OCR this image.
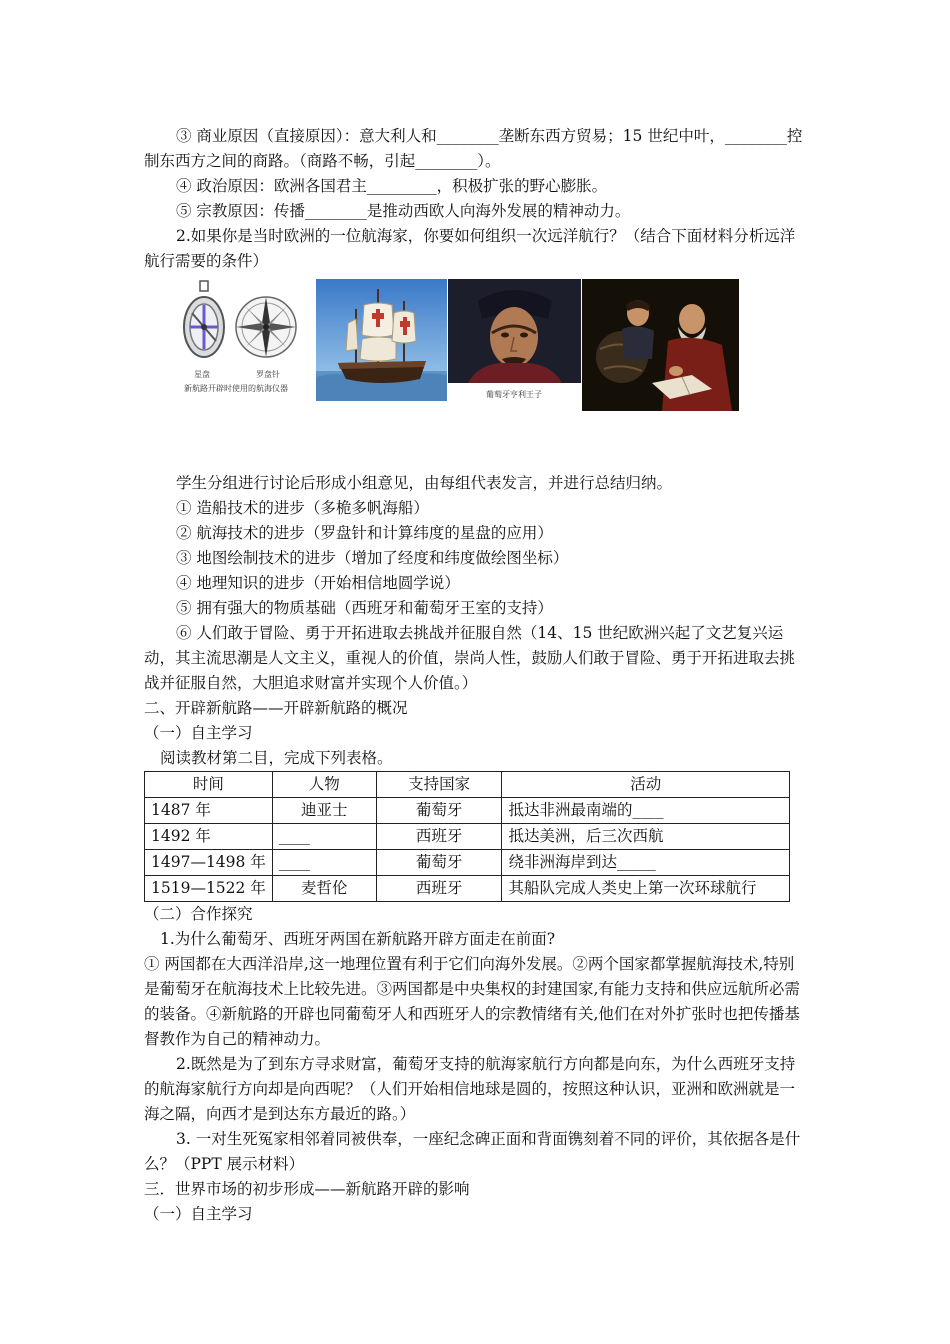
③ 商业原因（直接原因）：意大利人和________垄断东西方贸易；15 世纪中叶，________控制东西方之间的商路。（商路不畅，引起________）。

④ 政治原因：欧洲各国君主_________，积极扩张的野心膨胀。

⑤ 宗教原因：传播________是推动西欧人向海外发展的精神动力。

2.如果你是当时欧洲的一位航海家，你要如何组织一次远洋航行？（结合下面材料分析远洋航行需要的条件）

星盘	罗盘针
新航路开辟时使用的航海仪器
葡萄牙亨利王子

学生分组进行讨论后形成小组意见，由每组代表发言，并进行总结归纳。

① 造船技术的进步（多桅多帆海船）

② 航海技术的进步（罗盘针和计算纬度的星盘的应用）

③ 地图绘制技术的进步（增加了经度和纬度做绘图坐标）

④ 地理知识的进步（开始相信地圆学说）

⑤ 拥有强大的物质基础（西班牙和葡萄牙王室的支持）

⑥ 人们敢于冒险、勇于开拓进取去挑战并征服自然（14、15 世纪欧洲兴起了文艺复兴运动，其主流思潮是人文主义，重视人的价值，崇尚人性，鼓励人们敢于冒险、勇于开拓进取去挑战并征服自然，大胆追求财富并实现个人价值。）

二、开辟新航路——开辟新航路的概况

（一）自主学习

阅读教材第二目，完成下列表格。

时间	人物	支持国家	活动
1487 年	迪亚士	葡萄牙	抵达非洲最南端的____
1492 年	____	西班牙	抵达美洲，后三次西航
1497—1498 年	____	葡萄牙	绕非洲海岸到达_____
1519—1522 年	麦哲伦	西班牙	其船队完成人类史上第一次环球航行

（二）合作探究

1.为什么葡萄牙、西班牙两国在新航路开辟方面走在前面?

① 两国都在大西洋沿岸,这一地理位置有利于它们向海外发展。②两个国家都掌握航海技术,特别是葡萄牙在航海技术上比较先进。③两国都是中央集权的封建国家,有能力支持和供应远航所必需的装备。④新航路的开辟也同葡萄牙人和西班牙人的宗教情绪有关,他们在对外扩张时也把传播基督教作为自己的精神动力。

2.既然是为了到东方寻求财富，葡萄牙支持的航海家航行方向都是向东，为什么西班牙支持的航海家航行方向却是向西呢？（人们开始相信地球是圆的，按照这种认识，亚洲和欧洲就是一海之隔，向西才是到达东方最近的路。）

3. 一对生死冤家相邻着同被供奉，一座纪念碑正面和背面镌刻着不同的评价，其依据各是什么？（PPT 展示材料）

三．世界市场的初步形成——新航路开辟的影响

（一）自主学习
